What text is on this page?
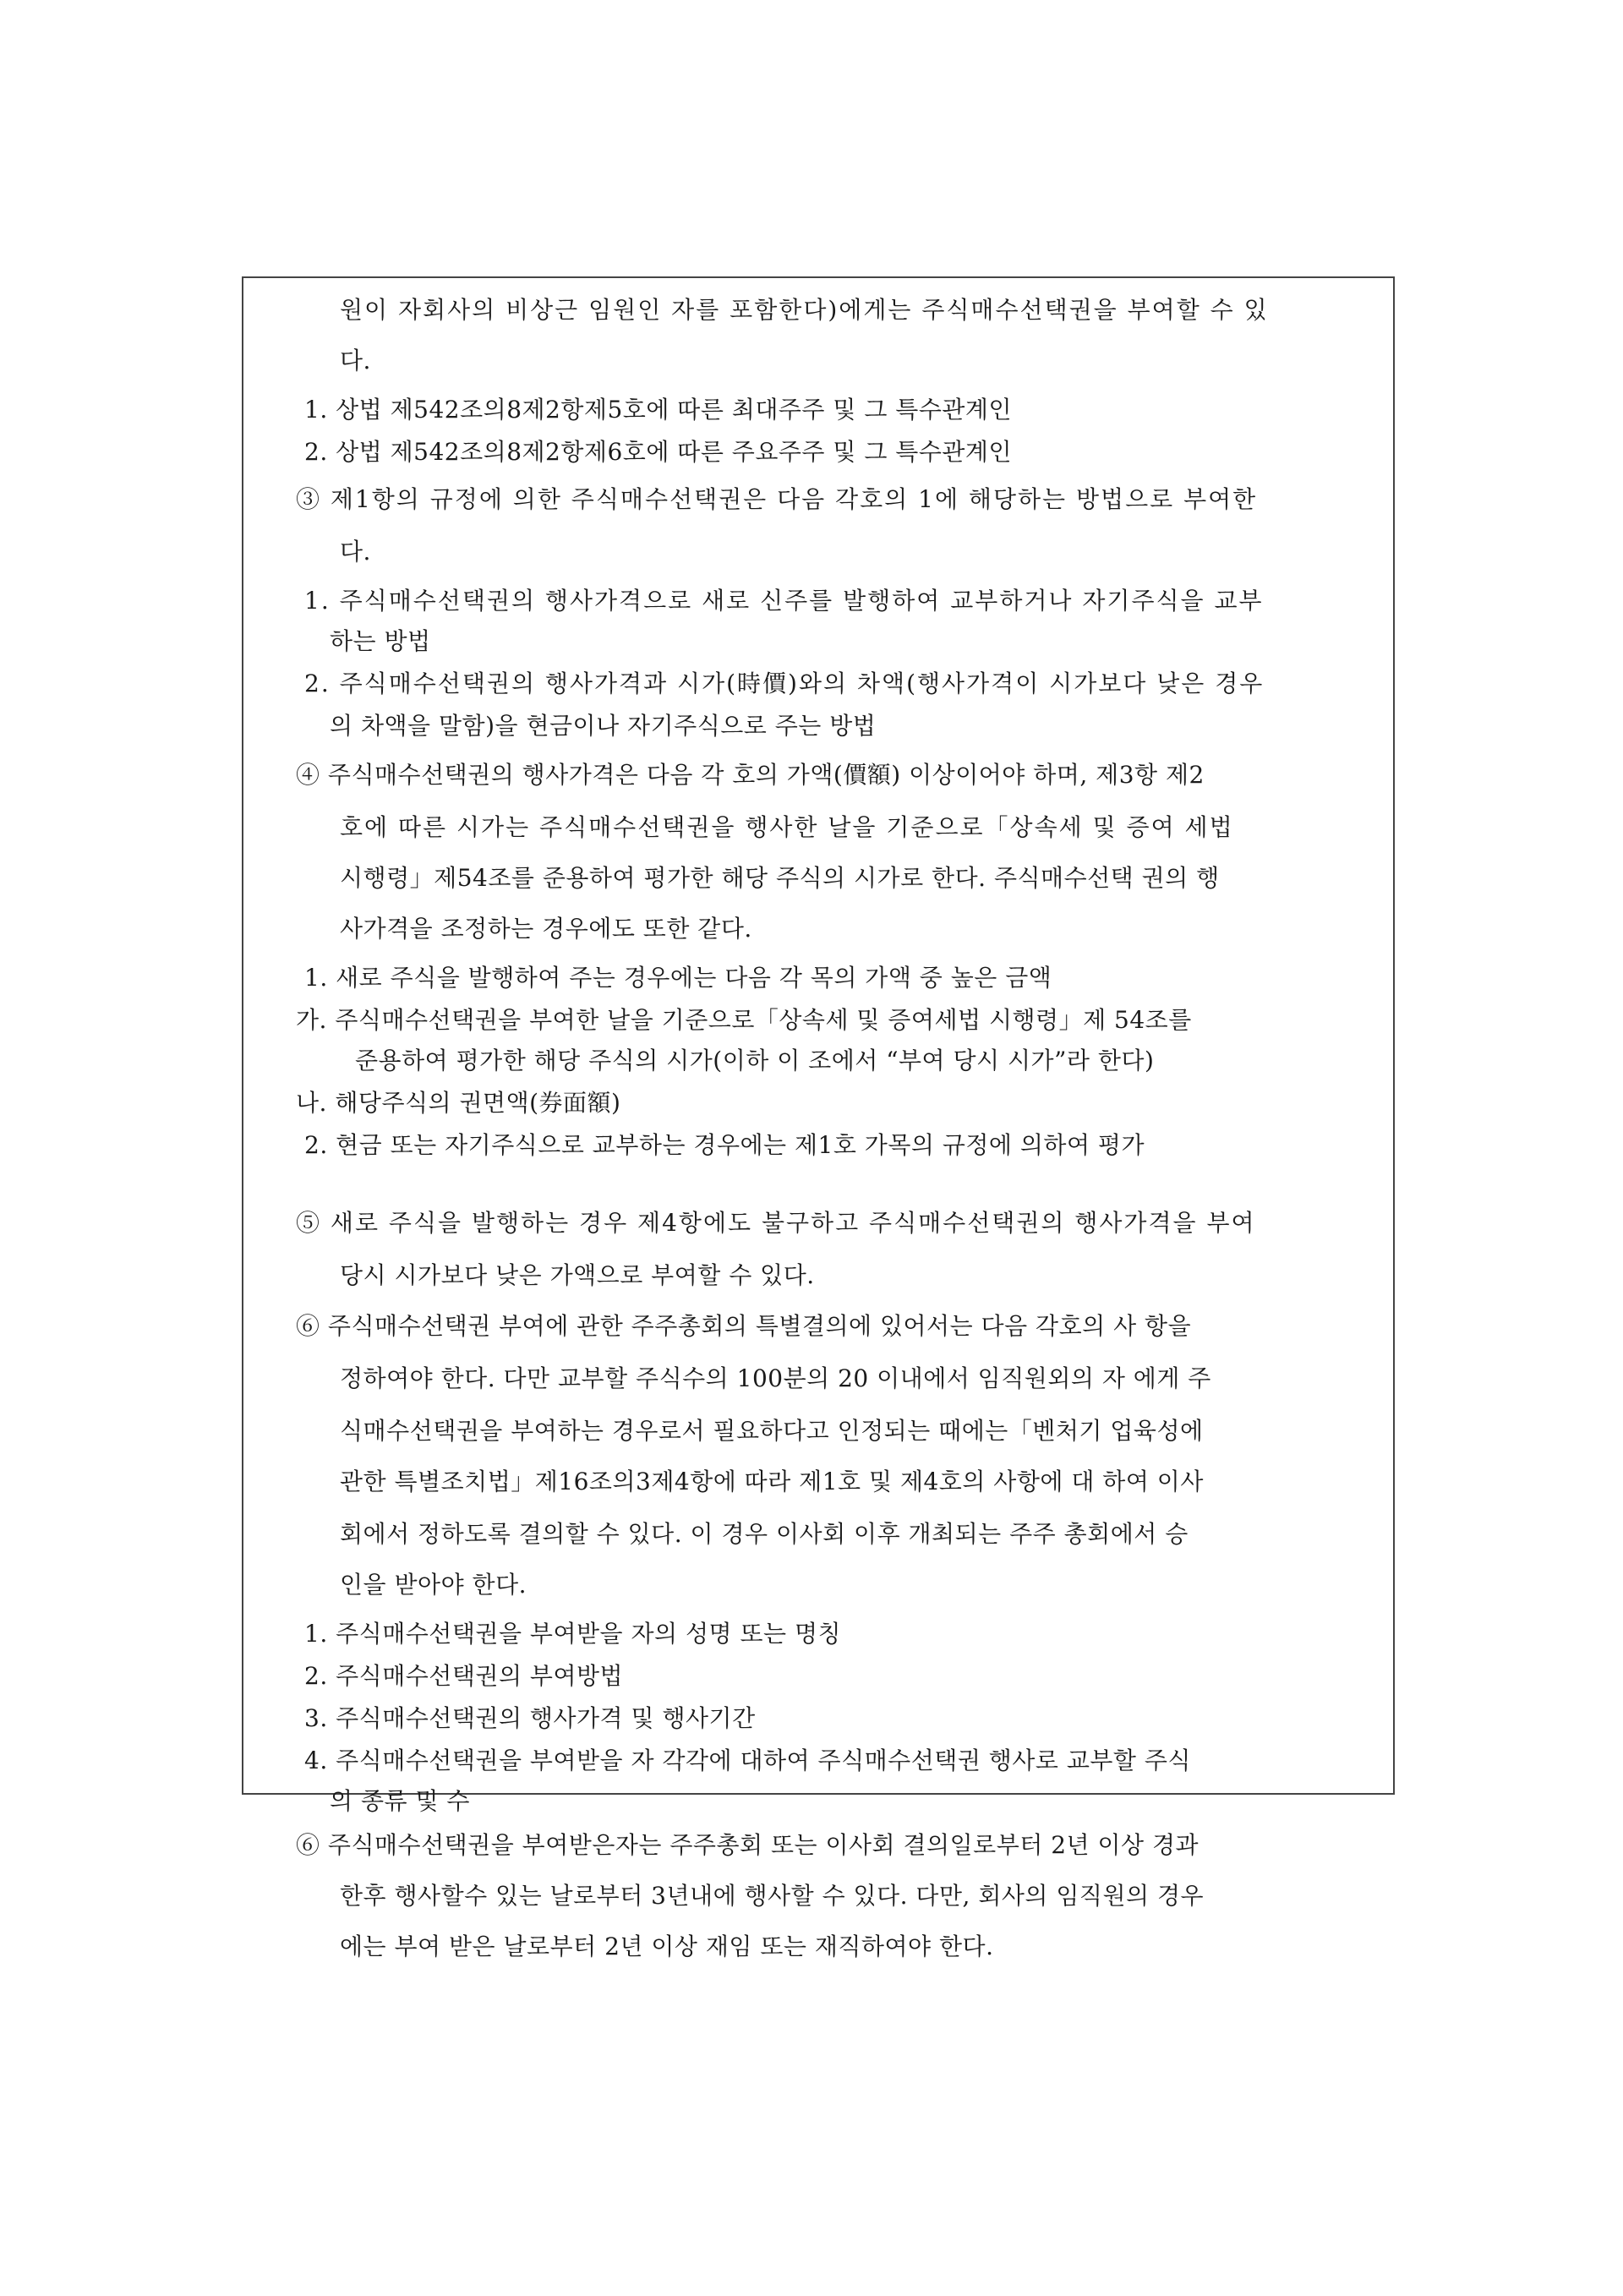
원이 자회사의 비상근 임원인 자를 포함한다)에게는 주식매수선택권을 부여할 수 있
다.
1. 상법 제542조의8제2항제5호에 따른 최대주주 및 그 특수관계인
2. 상법 제542조의8제2항제6호에 따른 주요주주 및 그 특수관계인
③ 제1항의 규정에 의한 주식매수선택권은 다음 각호의 1에 해당하는 방법으로 부여한
다.
1. 주식매수선택권의 행사가격으로 새로 신주를 발행하여 교부하거나 자기주식을 교부
하는 방법
2. 주식매수선택권의 행사가격과 시가(時價)와의 차액(행사가격이 시가보다 낮은 경우
의 차액을 말함)을 현금이나 자기주식으로 주는 방법
④ 주식매수선택권의 행사가격은 다음 각 호의 가액(價額) 이상이어야 하며, 제3항 제2
호에 따른 시가는 주식매수선택권을 행사한 날을 기준으로「상속세 및 증여 세법
시행령」제54조를 준용하여 평가한 해당 주식의 시가로 한다. 주식매수선택 권의 행
사가격을 조정하는 경우에도 또한 같다.
1. 새로 주식을 발행하여 주는 경우에는 다음 각 목의 가액 중 높은 금액
가. 주식매수선택권을 부여한 날을 기준으로「상속세 및 증여세법 시행령」제 54조를
준용하여 평가한 해당 주식의 시가(이하 이 조에서 “부여 당시 시가”라 한다)
나. 해당주식의 권면액(券面額)
2. 현금 또는 자기주식으로 교부하는 경우에는 제1호 가목의 규정에 의하여 평가
⑤ 새로 주식을 발행하는 경우 제4항에도 불구하고 주식매수선택권의 행사가격을 부여
당시 시가보다 낮은 가액으로 부여할 수 있다.
⑥ 주식매수선택권 부여에 관한 주주총회의 특별결의에 있어서는 다음 각호의 사 항을
정하여야 한다. 다만 교부할 주식수의 100분의 20 이내에서 임직원외의 자 에게 주
식매수선택권을 부여하는 경우로서 필요하다고 인정되는 때에는「벤처기 업육성에
관한 특별조치법」제16조의3제4항에 따라 제1호 및 제4호의 사항에 대 하여 이사
회에서 정하도록 결의할 수 있다. 이 경우 이사회 이후 개최되는 주주 총회에서 승
인을 받아야 한다.
1. 주식매수선택권을 부여받을 자의 성명 또는 명칭
2. 주식매수선택권의 부여방법
3. 주식매수선택권의 행사가격 및 행사기간
4. 주식매수선택권을 부여받을 자 각각에 대하여 주식매수선택권 행사로 교부할 주식
의 종류 및 수
⑥ 주식매수선택권을 부여받은자는 주주총회 또는 이사회 결의일로부터 2년 이상 경과
한후 행사할수 있는 날로부터 3년내에 행사할 수 있다. 다만, 회사의 임직원의 경우
에는 부여 받은 날로부터 2년 이상 재임 또는 재직하여야 한다.
